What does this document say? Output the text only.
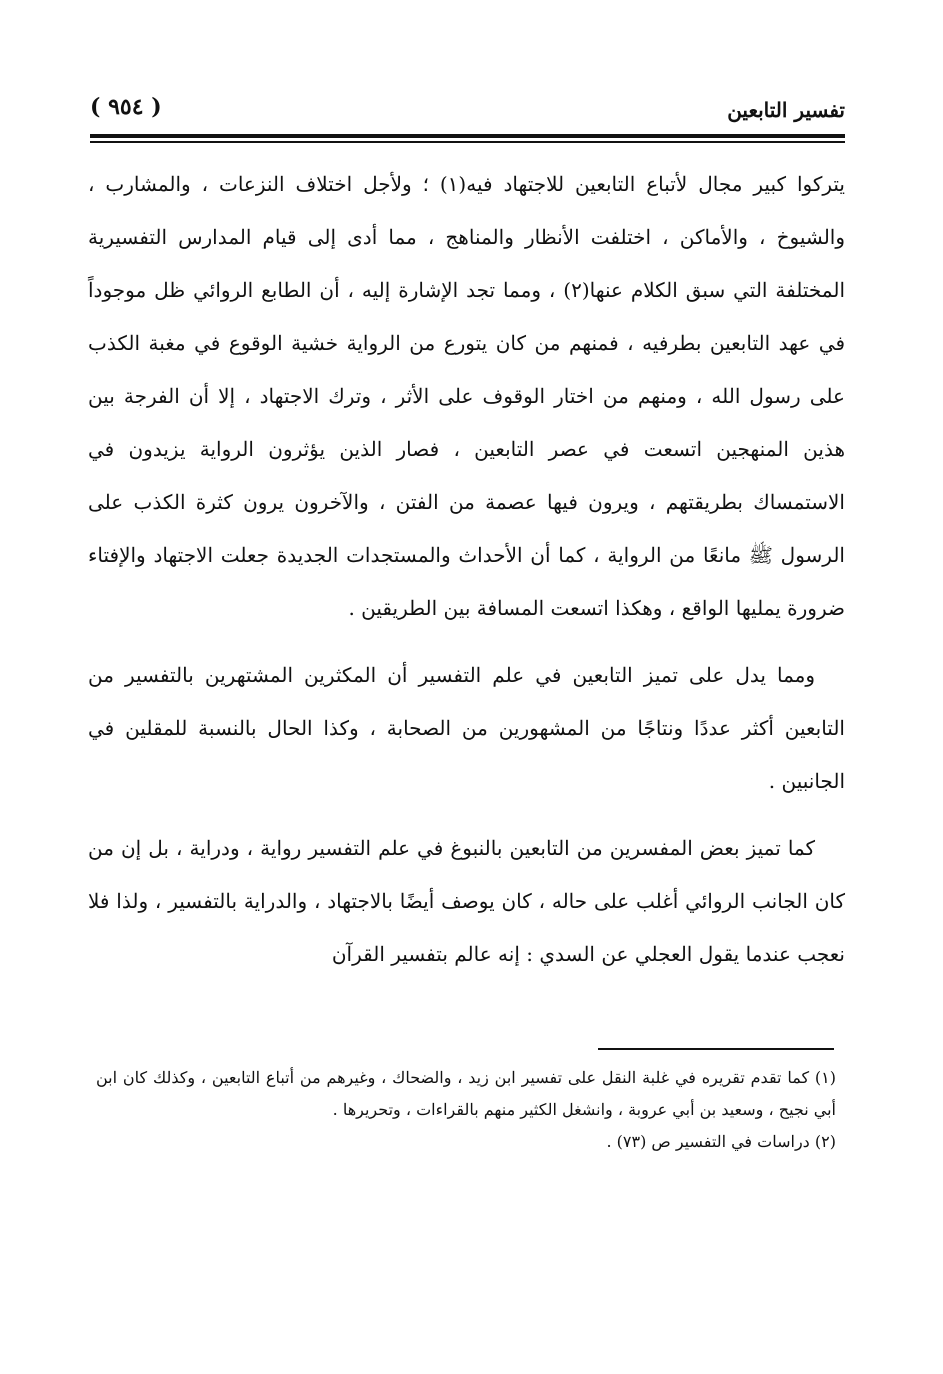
تفسير التابعين
( ٩٥٤ )

يتركوا كبير مجال لأتباع التابعين للاجتهاد فيه(١) ؛ ولأجل اختلاف النزعات ، والمشارب ، والشيوخ ، والأماكن ، اختلفت الأنظار والمناهج ، مما أدى إلى قيام المدارس التفسيرية المختلفة التي سبق الكلام عنها(٢) ، ومما تجد الإشارة إليه ، أن الطابع الروائي ظل موجوداً في عهد التابعين بطرفيه ، فمنهم من كان يتورع من الرواية خشية الوقوع في مغبة الكذب على رسول الله ، ومنهم من اختار الوقوف على الأثر ، وترك الاجتهاد ، إلا أن الفرجة بين هذين المنهجين اتسعت في عصر التابعين ، فصار الذين يؤثرون الرواية يزيدون في الاستمساك بطريقتهم ، ويرون فيها عصمة من الفتن ، والآخرون يرون كثرة الكذب على الرسول ﷺ مانعًا من الرواية ، كما أن الأحداث والمستجدات الجديدة جعلت الاجتهاد والإفتاء ضرورة يمليها الواقع ، وهكذا اتسعت المسافة بين الطريقين .

ومما يدل على تميز التابعين في علم التفسير أن المكثرين المشتهرين بالتفسير من التابعين أكثر عددًا ونتاجًا من المشهورين من الصحابة ، وكذا الحال بالنسبة للمقلين في الجانبين .

كما تميز بعض المفسرين من التابعين بالنبوغ في علم التفسير رواية ، ودراية ، بل إن من كان الجانب الروائي أغلب على حاله ، كان يوصف أيضًا بالاجتهاد ، والدراية بالتفسير ، ولذا فلا نعجب عندما يقول العجلي عن السدي : إنه عالم بتفسير القرآن

(١) كما تقدم تقريره في غلبة النقل على تفسير ابن زيد ، والضحاك ، وغيرهم من أتباع التابعين ، وكذلك كان ابن أبي نجيح ، وسعيد بن أبي عروبة ، وانشغل الكثير منهم بالقراءات ، وتحريرها .

(٢) دراسات في التفسير ص (٧٣) .
